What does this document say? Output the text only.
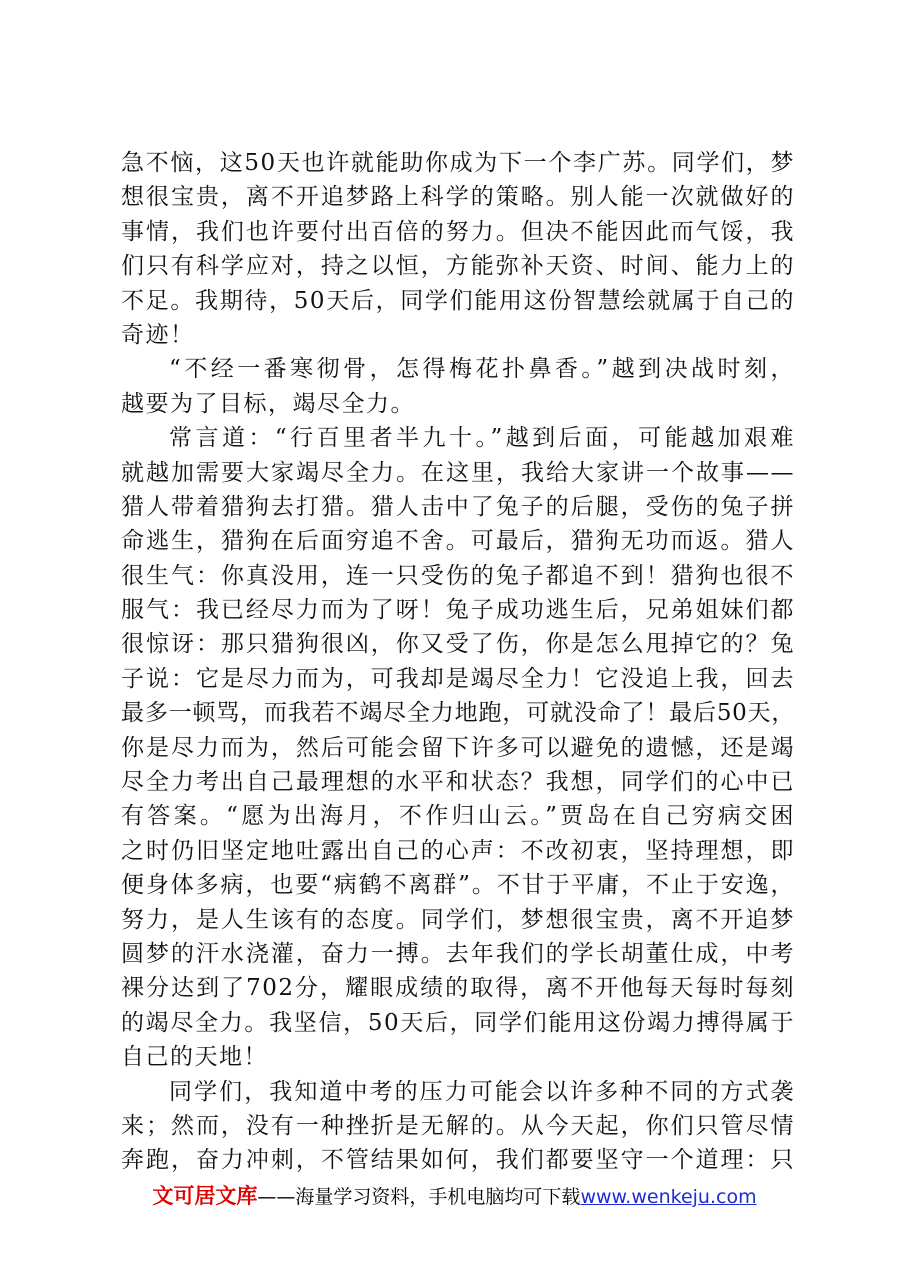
急不恼，这50天也许就能助你成为下一个李广苏。同学们，梦
想很宝贵，离不开追梦路上科学的策略。别人能一次就做好的
事情，我们也许要付出百倍的努力。但决不能因此而气馁，我
们只有科学应对，持之以恒，方能弥补天资、时间、能力上的
不足。我期待，50天后，同学们能用这份智慧绘就属于自己的
奇迹！
“不经一番寒彻骨，怎得梅花扑鼻香。”越到决战时刻，
越要为了目标，竭尽全力。
常言道：“行百里者半九十。”越到后面，可能越加艰难
就越加需要大家竭尽全力。在这里，我给大家讲一个故事——
猎人带着猎狗去打猎。猎人击中了兔子的后腿，受伤的兔子拼
命逃生，猎狗在后面穷追不舍。可最后，猎狗无功而返。猎人
很生气：你真没用，连一只受伤的兔子都追不到！猎狗也很不
服气：我已经尽力而为了呀！兔子成功逃生后，兄弟姐妹们都
很惊讶：那只猎狗很凶，你又受了伤，你是怎么甩掉它的？兔
子说：它是尽力而为，可我却是竭尽全力！它没追上我，回去
最多一顿骂，而我若不竭尽全力地跑，可就没命了！最后50天，
你是尽力而为，然后可能会留下许多可以避免的遗憾，还是竭
尽全力考出自己最理想的水平和状态？我想，同学们的心中已
有答案。“愿为出海月，不作归山云。”贾岛在自己穷病交困
之时仍旧坚定地吐露出自己的心声：不改初衷，坚持理想，即
便身体多病，也要“病鹤不离群”。不甘于平庸，不止于安逸，
努力，是人生该有的态度。同学们，梦想很宝贵，离不开追梦
圆梦的汗水浇灌，奋力一搏。去年我们的学长胡董仕成，中考
裸分达到了702分，耀眼成绩的取得，离不开他每天每时每刻
的竭尽全力。我坚信，50天后，同学们能用这份竭力搏得属于
自己的天地！
同学们，我知道中考的压力可能会以许多种不同的方式袭
来；然而，没有一种挫折是无解的。从今天起，你们只管尽情
奔跑，奋力冲刺，不管结果如何，我们都要坚守一个道理：只
文可居文库——海量学习资料，手机电脑均可下载www.wenkeju.com
